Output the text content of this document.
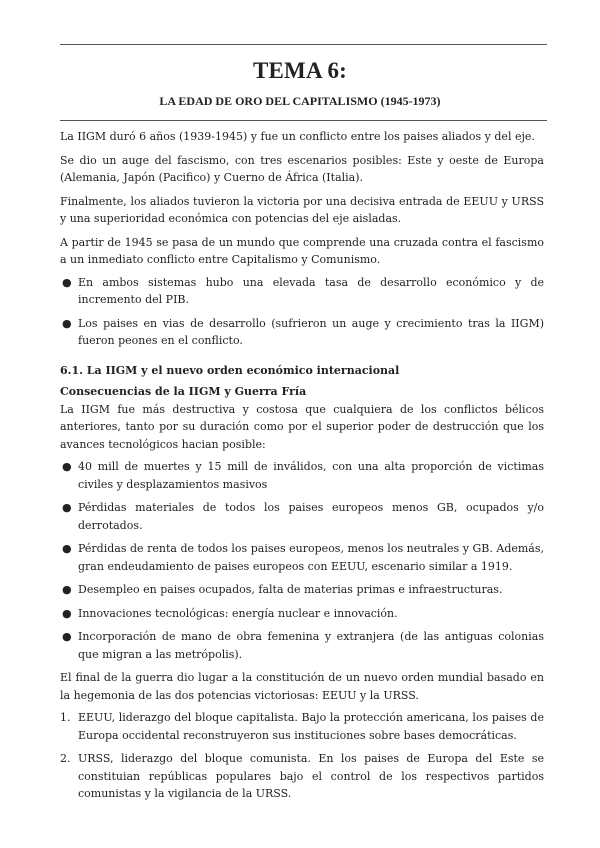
TEMA 6:
LA EDAD DE ORO DEL CAPITALISMO (1945-1973)

La IIGM duró 6 años (1939-1945) y fue un conflicto entre los paises aliados y del eje.

Se dio un auge del fascismo, con tres escenarios posibles: Este y oeste de Europa (Alemania, Japón (Pacifico) y Cuerno de África (Italia).

Finalmente, los aliados tuvieron la victoria por una decisiva entrada de EEUU y URSS y una superioridad económica con potencias del eje aisladas.

A partir de 1945 se pasa de un mundo que comprende una cruzada contra el fascismo a un inmediato conflicto entre Capitalismo y Comunismo.

● En ambos sistemas hubo una elevada tasa de desarrollo económico y de incremento del PIB.
● Los paises en vias de desarrollo (sufrieron un auge y crecimiento tras la IIGM) fueron peones en el conflicto.
6.1. La IIGM y el nuevo orden económico internacional
Consecuencias de la IIGM y Guerra Fría

La IIGM fue más destructiva y costosa que cualquiera de los conflictos bélicos anteriores, tanto por su duración como por el superior poder de destrucción que los avances tecnológicos hacian posible:

● 40 mill de muertes y 15 mill de inválidos, con una alta proporción de victimas civiles y desplazamientos masivos
● Pérdidas materiales de todos los paises europeos menos GB, ocupados y/o derrotados.
● Pérdidas de renta de todos los paises europeos, menos los neutrales y GB. Además, gran endeudamiento de paises europeos con EEUU, escenario similar a 1919.
● Desempleo en paises ocupados, falta de materias primas e infraestructuras.
● Innovaciones tecnológicas: energía nuclear e innovación.
● Incorporación de mano de obra femenina y extranjera (de las antiguas colonias que migran a las metrópolis).

El final de la guerra dio lugar a la constitución de un nuevo orden mundial basado en la hegemonia de las dos potencias victoriosas: EEUU y la URSS.

1. EEUU, liderazgo del bloque capitalista. Bajo la protección americana, los paises de Europa occidental reconstruyeron sus instituciones sobre bases democráticas.
2. URSS, liderazgo del bloque comunista. En los paises de Europa del Este se constituian repúblicas populares bajo el control de los respectivos partidos comunistas y la vigilancia de la URSS.
